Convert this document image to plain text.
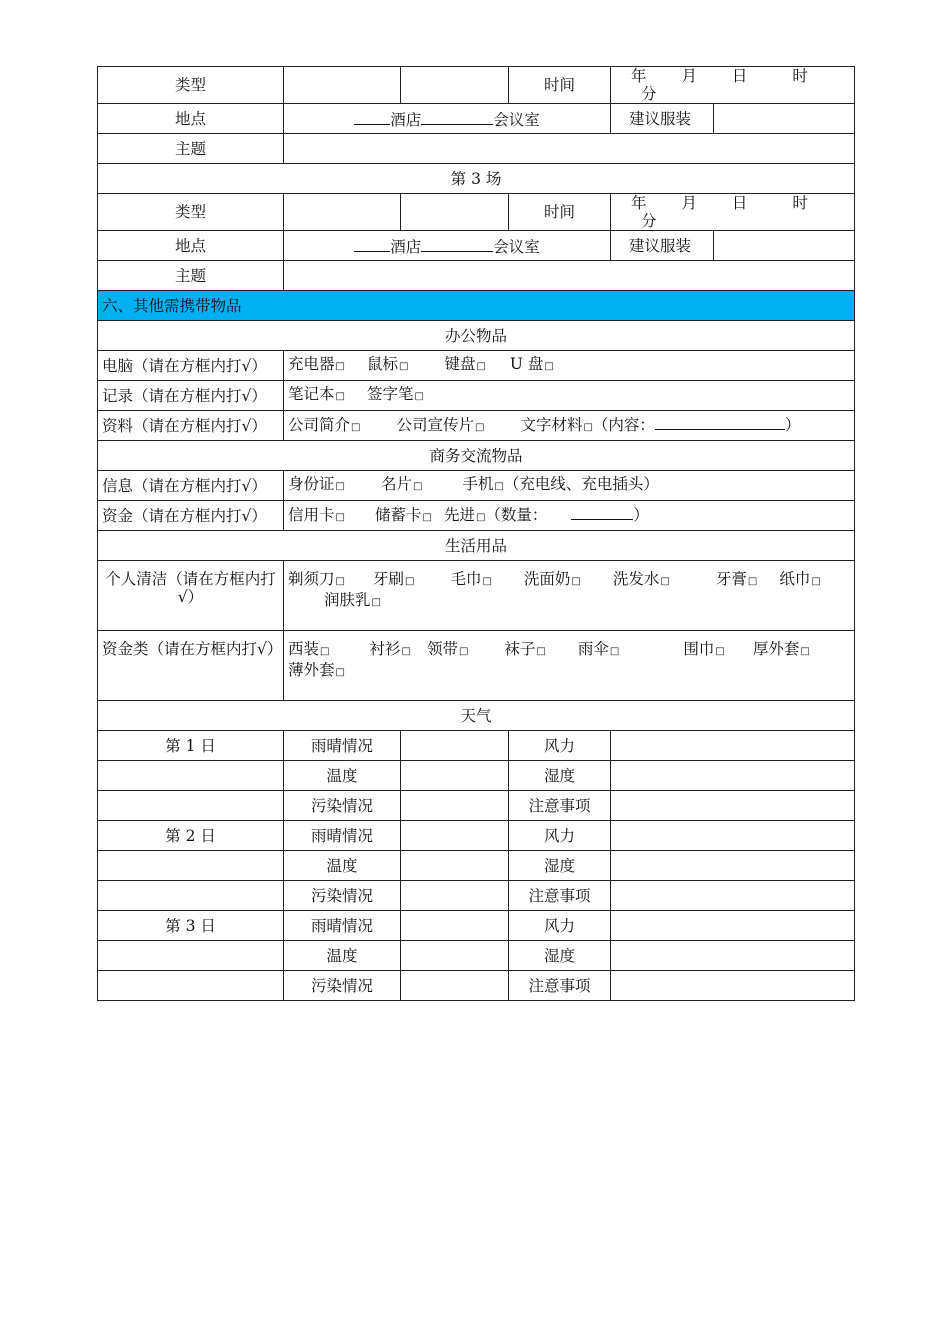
类型			时间	年 月 日 时 分	
地点	酒店 会议室			建议服装	
主题					
第 3 场					
类型			时间	年 月 日 时 分	
地点	酒店 会议室			建议服装	
主题					
六、其他需携带物品					
办公物品					
电脑（请在方框内打√）	充电器□ 鼠标□ 键盘□ U 盘□				
记录（请在方框内打√）	笔记本□ 签字笔□				
资料（请在方框内打√）	公司简介□ 公司宣传片□ 文字材料□（内容： ）				
商务交流物品					
信息（请在方框内打√）	身份证□ 名片□ 手机□（充电线、充电插头）				
资金（请在方框内打√）	信用卡□ 储蓄卡□ 先进□（数量： ）				
生活用品					
个人清洁（请在方框内打√）	剃须刀□ 牙刷□ 毛巾□ 洗面奶□ 洗发水□ 牙膏□ 纸巾□润肤乳□				
资金类（请在方框内打√）	西装□ 衬衫□ 领带□ 袜子□ 雨伞□ 围巾□ 厚外套□薄外套□				
天气					
第 1 日	雨晴情况		风力		
	温度		湿度		
	污染情况		注意事项		
第 2 日	雨晴情况		风力		
	温度		湿度		
	污染情况		注意事项		
第 3 日	雨晴情况		风力		
	温度		湿度		
	污染情况		注意事项		
